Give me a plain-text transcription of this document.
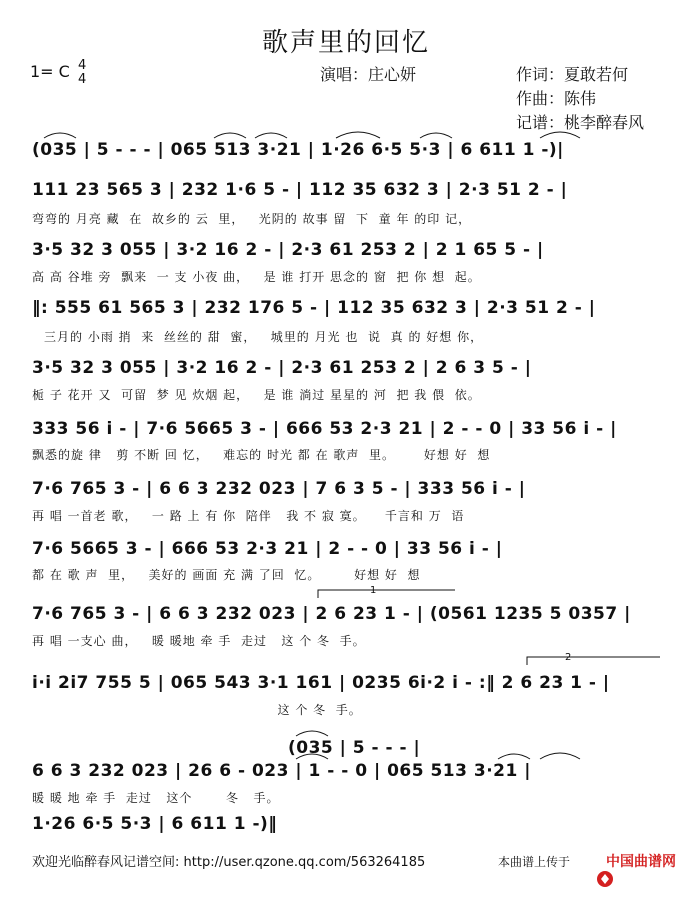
歌声里的回忆
1= C 4
4	演唱：庄心妍	作词：夏敢若何
作曲：陈伟
记谱：桃李醉春风
(035 | 5 - - - | 065 513 3·21 | 1·26 6·5 5·3 | 6 611 1 -)|
111 23 565 3 | 232 1·6 5 - | 112 35 632 3 | 2·3 51 2 - |
弯弯的 月亮 藏  在  故乡的 云  里，   光阴的 故事 留  下  童 年 的印 记，
3·5 32 3 055 | 3·2 16 2 - | 2·3 61 253 2 | 2 1 65 5 - |
高 高 谷堆 旁  飘来  一 支 小夜 曲，   是 谁 打开 思念的 窗  把 你 想  起。
‖: 555 61 565 3 | 232 176 5 - | 112 35 632 3 | 2·3 51 2 - |
三月的 小雨 捎  来  丝丝的 甜  蜜，   城里的 月光 也  说  真 的 好想 你，
3·5 32 3 055 | 3·2 16 2 - | 2·3 61 253 2 | 2 6 3 5 - |
栀 子 花开 又  可留  梦 见 炊烟 起，   是 谁 淌过 星星的 河  把 我 偎  依。
333 56 i - | 7·6 5665 3 - | 666 53 2·3 21 | 2 - - 0 | 33 56 i - |
飘悉的旋 律   剪 不断 回 忆，   难忘的 时光 都 在 歌声  里。      好想 好  想
7·6 765 3 - | 6 6 3 232 023 | 7 6 3 5 - | 333 56 i - |
再 唱 一首老 歌，   一 路 上 有 你  陪伴   我 不 寂 寞。    千言和 万  语
7·6 5665 3 - | 666 53 2·3 21 | 2 - - 0 | 33 56 i - |
都 在 歌 声  里，   美好的 画面 充 满 了回  忆。       好想 好  想
7·6 765 3 - | 6 6 3 232 023 | 2 6 23 1 - | (0561 1235 5 0357 |
再 唱 一支心 曲，   暖 暖地 牵 手  走过   这 个 冬  手。
i·i 2i7 755 5 | 065 543 3·1 161 | 0235 6i·2 i - :‖ 2 6 23 1 - |
这 个 冬  手。
(035 | 5 - - - |
6 6 3 232 023 | 26 6 - 023 | 1 - - 0 | 065 513 3·21 |
暖 暖 地 牵 手  走过   这个       冬   手。
1·26 6·5 5·3 | 6 611 1 -)‖
1
2
欢迎光临醉春风记谱空间: http://user.qzone.qq.com/563264185	本曲谱上传于

	中国曲谱网
